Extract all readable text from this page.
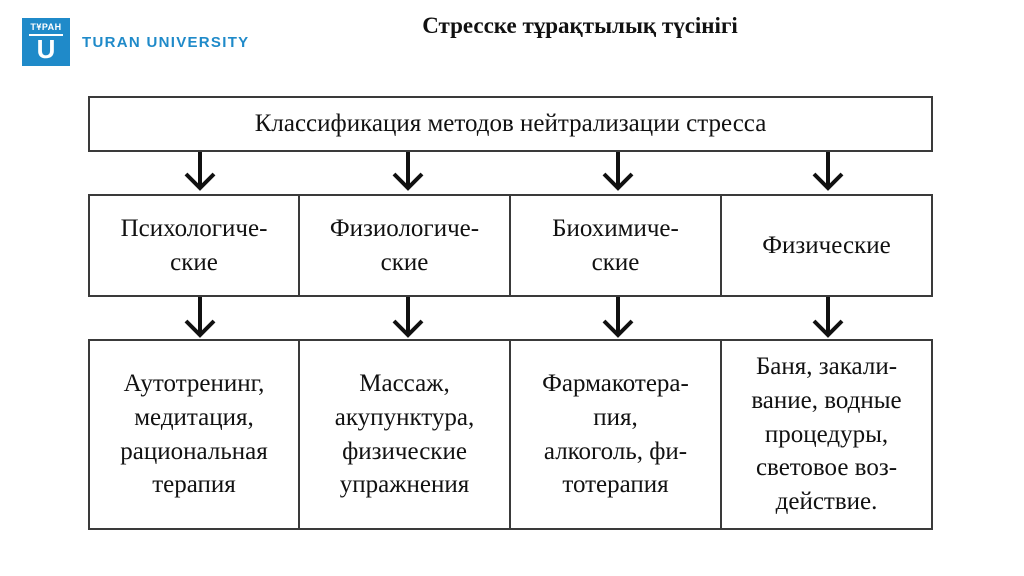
ТҰРАН
U	TURAN UNIVERSITY
Стресске тұрақтылық түсінігі
Классификация методов нейтрализации стресса
Психологиче-
ские
Физиологиче-
ские
Биохимиче-
ские
Физические
Аутотренинг,
медитация,
рациональная
терапия
Массаж,
акупунктура,
физические
упражнения
Фармакотера-
пия,
алкоголь, фи-
тотерапия
Баня, закали-
вание, водные
процедуры,
световое воз-
действие.
